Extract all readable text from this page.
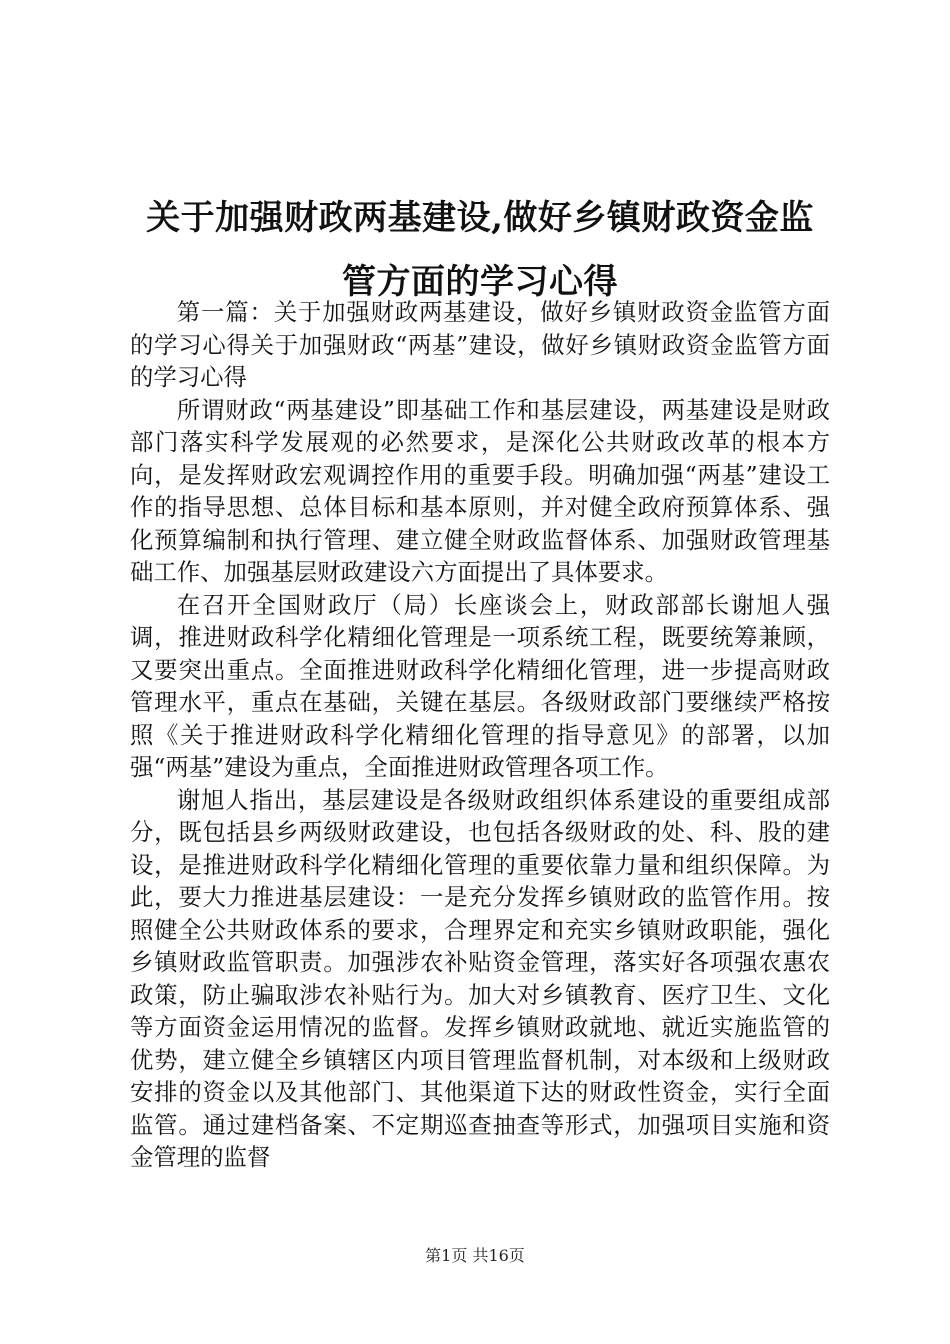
关于加强财政两基建设,做好乡镇财政资金监管方面的学习心得

第一篇：关于加强财政两基建设，做好乡镇财政资金监管方面的学习心得关于加强财政“两基”建设，做好乡镇财政资金监管方面的学习心得

所谓财政“两基建设”即基础工作和基层建设，两基建设是财政部门落实科学发展观的必然要求，是深化公共财政改革的根本方向，是发挥财政宏观调控作用的重要手段。明确加强“两基”建设工作的指导思想、总体目标和基本原则，并对健全政府预算体系、强化预算编制和执行管理、建立健全财政监督体系、加强财政管理基础工作、加强基层财政建设六方面提出了具体要求。

在召开全国财政厅（局）长座谈会上，财政部部长谢旭人强调，推进财政科学化精细化管理是一项系统工程，既要统筹兼顾，又要突出重点。全面推进财政科学化精细化管理，进一步提高财政管理水平，重点在基础，关键在基层。各级财政部门要继续严格按照《关于推进财政科学化精细化管理的指导意见》的部署，以加强“两基”建设为重点，全面推进财政管理各项工作。

谢旭人指出，基层建设是各级财政组织体系建设的重要组成部分，既包括县乡两级财政建设，也包括各级财政的处、科、股的建设，是推进财政科学化精细化管理的重要依靠力量和组织保障。为此，要大力推进基层建设：一是充分发挥乡镇财政的监管作用。按照健全公共财政体系的要求，合理界定和充实乡镇财政职能，强化乡镇财政监管职责。加强涉农补贴资金管理，落实好各项强农惠农政策，防止骗取涉农补贴行为。加大对乡镇教育、医疗卫生、文化等方面资金运用情况的监督。发挥乡镇财政就地、就近实施监管的优势，建立健全乡镇辖区内项目管理监督机制，对本级和上级财政安排的资金以及其他部门、其他渠道下达的财政性资金，实行全面监管。通过建档备案、不定期巡查抽查等形式，加强项目实施和资金管理的监督

第1页 共16页
